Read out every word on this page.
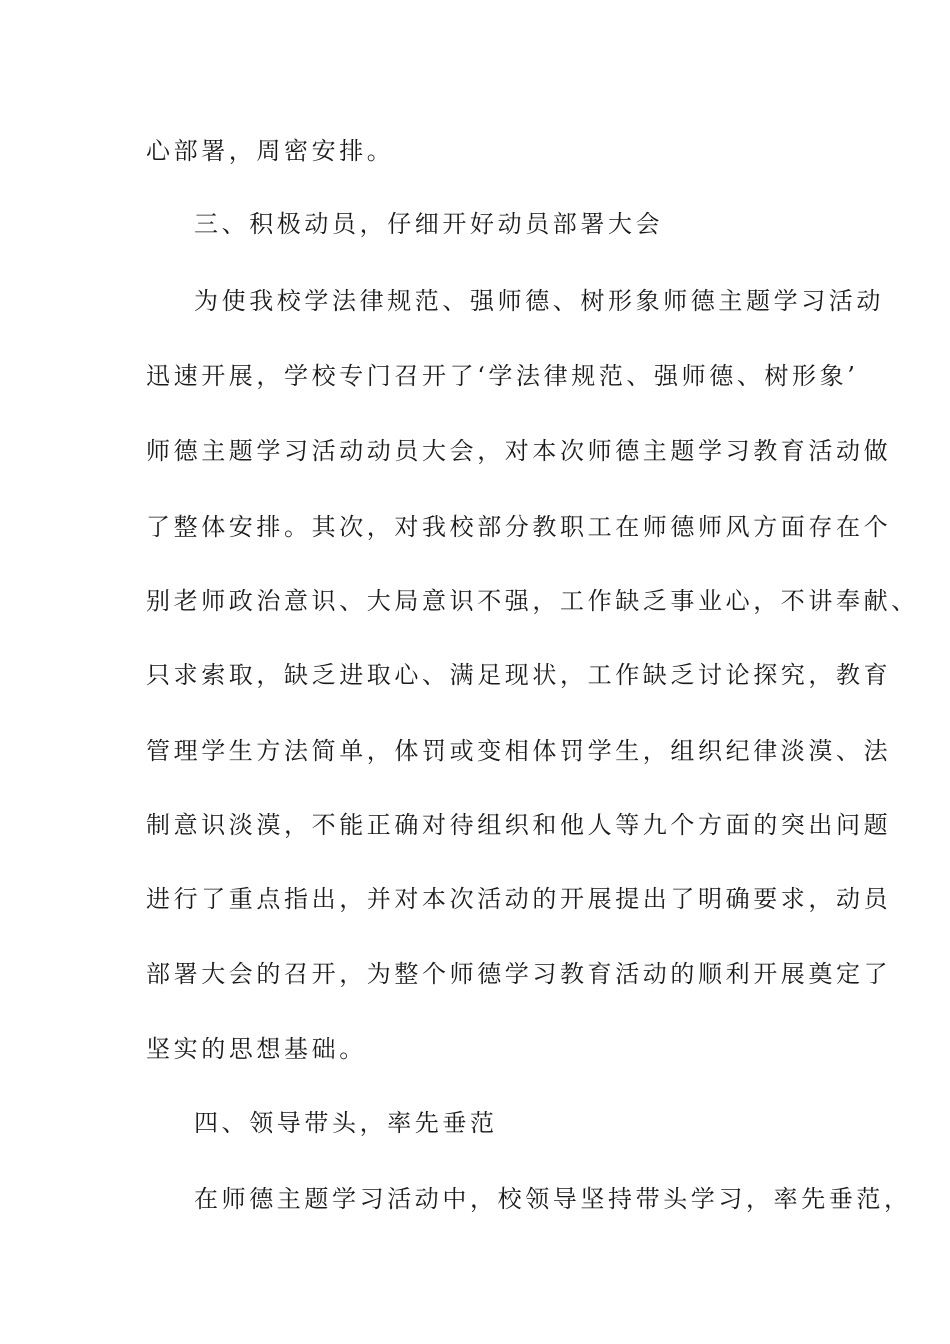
心部署，周密安排。
三、积极动员，仔细开好动员部署大会
为使我校学法律规范、强师德、树形象师德主题学习活动
迅速开展，学校专门召开了‘学法律规范、强师德、树形象’
师德主题学习活动动员大会，对本次师德主题学习教育活动做
了整体安排。其次，对我校部分教职工在师德师风方面存在个
别老师政治意识、大局意识不强，工作缺乏事业心，不讲奉献、
只求索取，缺乏进取心、满足现状，工作缺乏讨论探究，教育
管理学生方法简单，体罚或变相体罚学生，组织纪律淡漠、法
制意识淡漠，不能正确对待组织和他人等九个方面的突出问题
进行了重点指出，并对本次活动的开展提出了明确要求，动员
部署大会的召开，为整个师德学习教育活动的顺利开展奠定了
坚实的思想基础。
四、领导带头，率先垂范
在师德主题学习活动中，校领导坚持带头学习，率先垂范，
